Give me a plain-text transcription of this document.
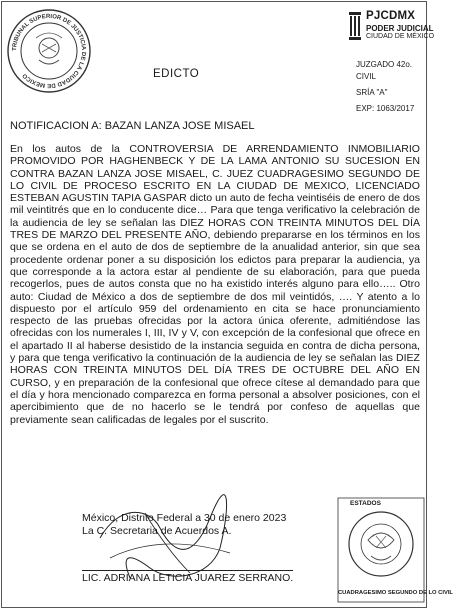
TRIBUNAL SUPERIOR DE JUSTICIA DE LA CIUDAD DE MEXICO
PJCDMX
PODER JUDICIAL
CIUDAD DE MÉXICO
EDICTO
JUZGADO 42o.
CIVIL
SRÍA "A"
EXP: 1063/2017
NOTIFICACION A: BAZAN LANZA JOSE MISAEL

En los autos de la CONTROVERSIA DE ARRENDAMIENTO INMOBILIARIO PROMOVIDO POR HAGHENBECK Y DE LA LAMA ANTONIO SU SUCESION EN CONTRA BAZAN LANZA JOSE MISAEL, C. JUEZ CUADRAGESIMO SEGUNDO DE LO CIVIL DE PROCESO ESCRITO EN LA CIUDAD DE MEXICO, LICENCIADO ESTEBAN AGUSTIN TAPIA GASPAR dicto un auto de fecha veintiséis de enero de dos mil veintitrés que en lo conducente dice… Para que tenga verificativo la celebración de la audiencia de ley se señalan las DIEZ HORAS CON TREINTA MINUTOS DEL DÍA TRES DE MARZO DEL PRESENTE AÑO, debiendo prepararse en los términos en los que se ordena en el auto de dos de septiembre de la anualidad anterior, sin que sea procedente ordenar poner a su disposición los edictos para preparar la audiencia, ya que corresponde a la actora estar al pendiente de su elaboración, para que pueda recogerlos, pues de autos consta que no ha existido interés alguno para ello….. Otro auto: Ciudad de México a dos de septiembre de dos mil veintidós, …. Y atento a lo dispuesto por el artículo 959 del ordenamiento en cita se hace pronunciamiento respecto de las pruebas ofrecidas por la actora única oferente, admitiéndose las ofrecidas con los numerales I, III, IV y V, con excepción de la confesional que ofrece en el apartado II al haberse desistido de la instancia seguida en contra de dicha persona, y para que tenga verificativo la continuación de la audiencia de ley se señalan las DIEZ HORAS CON TREINTA MINUTOS DEL DÍA TRES DE OCTUBRE DEL AÑO EN CURSO, y en preparación de la confesional que ofrece cítese al demandado para que el día y hora mencionado comparezca en forma personal a absolver posiciones, con el apercibimiento que de no hacerlo se le tendrá por confeso de aquellas que previamente sean calificadas de legales por el suscrito.

México, Distrito Federal a 30 de enero 2023
La C. Secretaria de Acuerdos A.
LIC. ADRIANA LETICIA JUAREZ SERRANO.
ESTADOS
CUADRAGESIMO SEGUNDO DE LO CIVIL
